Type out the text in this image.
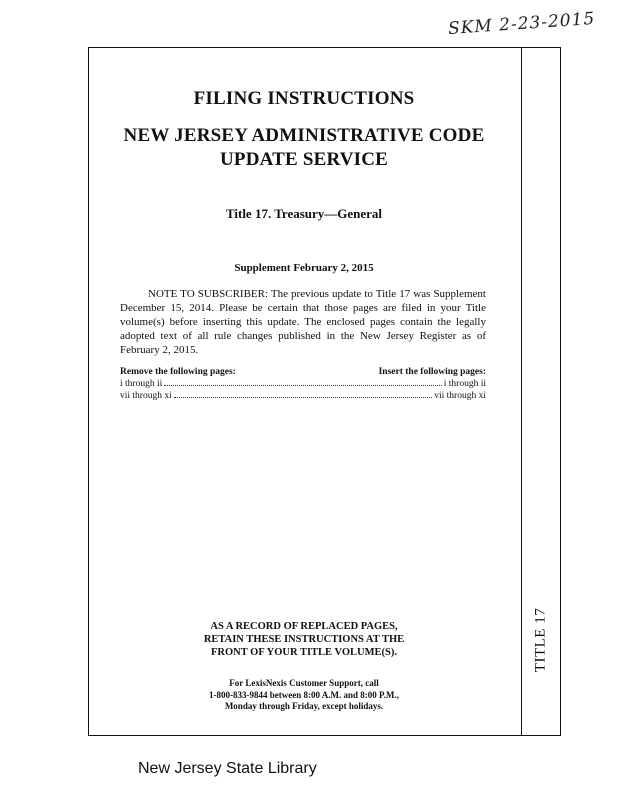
SKM 2-23-2015
TITLE 17
FILING INSTRUCTIONS
NEW JERSEY ADMINISTRATIVE CODE
UPDATE SERVICE
Title 17. Treasury—General
Supplement February 2, 2015

NOTE TO SUBSCRIBER: The previous update to Title 17 was Supplement December 15, 2014. Please be certain that those pages are filed in your Title volume(s) before inserting this update. The enclosed pages contain the legally adopted text of all rule changes published in the New Jersey Register as of February 2, 2015.

Remove the following pages:	Insert the following pages:
i through ii	i through ii
vii through xi	vii through xi
AS A RECORD OF REPLACED PAGES,
RETAIN THESE INSTRUCTIONS AT THE
FRONT OF YOUR TITLE VOLUME(S).
For LexisNexis Customer Support, call
1-800-833-9844 between 8:00 A.M. and 8:00 P.M.,
Monday through Friday, except holidays.
New Jersey State Library
